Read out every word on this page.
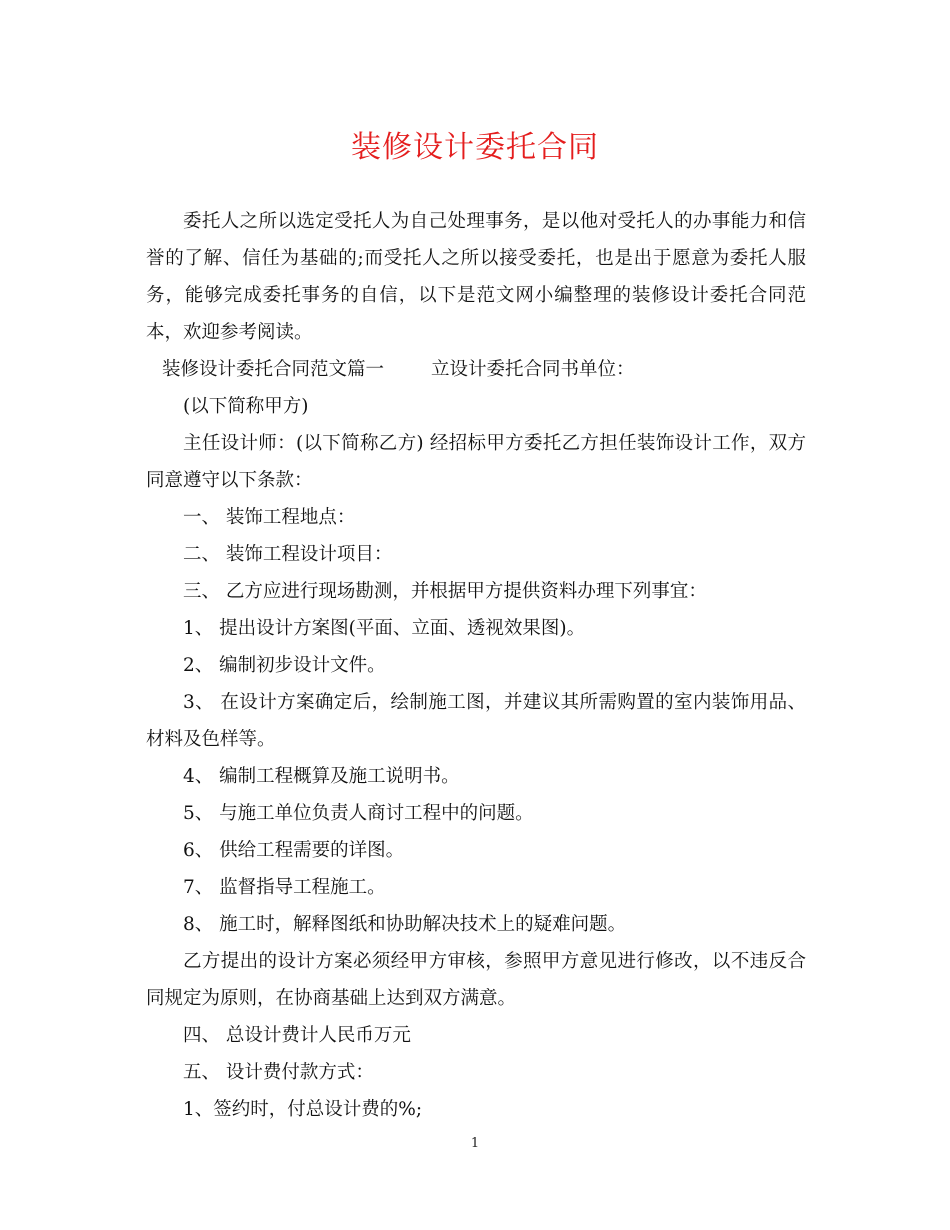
装修设计委托合同

委托人之所以选定受托人为自己处理事务，是以他对受托人的办事能力和信誉的了解、信任为基础的;而受托人之所以接受委托，也是出于愿意为委托人服务，能够完成委托事务的自信，以下是范文网小编整理的装修设计委托合同范本，欢迎参考阅读。

装修设计委托合同范文篇一        立设计委托合同书单位：

(以下简称甲方)

主任设计师：(以下简称乙方) 经招标甲方委托乙方担任装饰设计工作，双方同意遵守以下条款：

一、 装饰工程地点：

二、 装饰工程设计项目：

三、 乙方应进行现场勘测，并根据甲方提供资料办理下列事宜：

1、 提出设计方案图(平面、立面、透视效果图)。

2、 编制初步设计文件。

3、 在设计方案确定后，绘制施工图，并建议其所需购置的室内装饰用品、材料及色样等。

4、 编制工程概算及施工说明书。

5、 与施工单位负责人商讨工程中的问题。

6、 供给工程需要的详图。

7、 监督指导工程施工。

8、 施工时，解释图纸和协助解决技术上的疑难问题。

乙方提出的设计方案必须经甲方审核，参照甲方意见进行修改，以不违反合同规定为原则，在协商基础上达到双方满意。

四、 总设计费计人民币万元

五、 设计费付款方式：

1、签约时，付总设计费的%;

1
